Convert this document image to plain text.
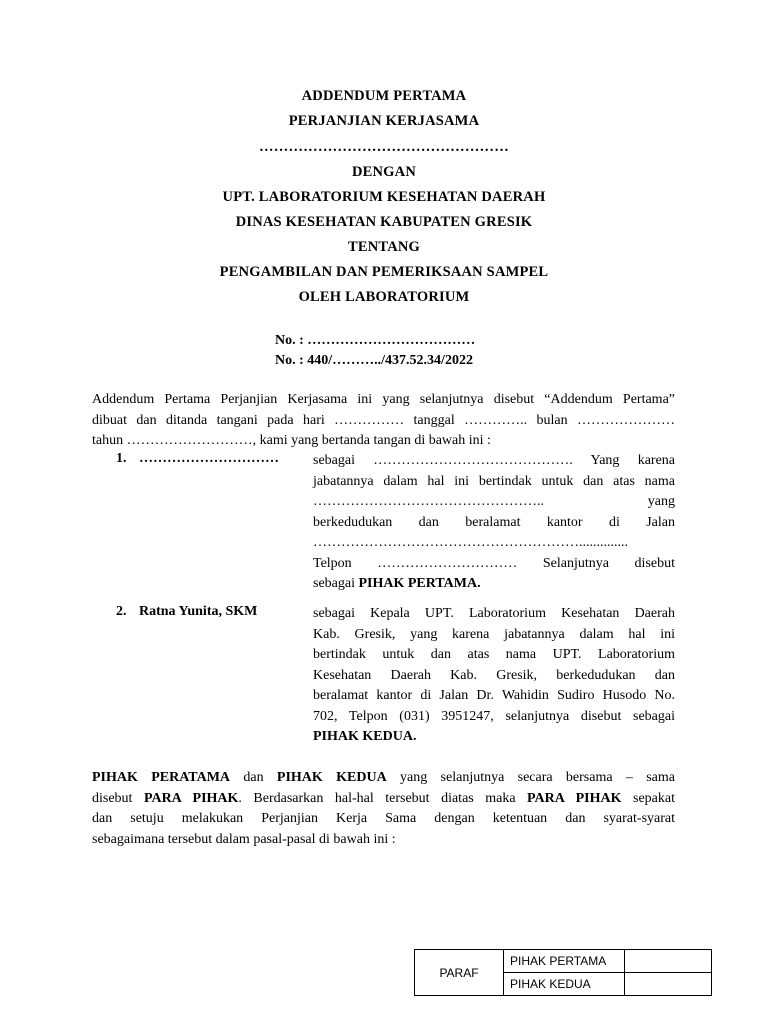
ADDENDUM PERTAMA
PERJANJIAN KERJASAMA
……………………………………………
DENGAN
UPT. LABORATORIUM KESEHATAN DAERAH
DINAS KESEHATAN KABUPATEN GRESIK
TENTANG
PENGAMBILAN DAN PEMERIKSAAN SAMPEL
OLEH LABORATORIUM
No. : ………………………………
No. : 440/………../437.52.34/2022
Addendum Pertama Perjanjian Kerjasama ini yang selanjutnya disebut “Addendum Pertama”
dibuat dan ditanda tangani pada hari …………… tanggal ………….. bulan …………………
tahun ………………………, kami yang bertanda tangan di bawah ini :
1. ………………………… sebagai ……………………………………. Yang karena
jabatannya dalam hal ini bertindak untuk dan atas nama
………………………………………….. yang
berkedudukan dan beralamat kantor di Jalan
…………………………………………………..............
Telpon ………………………… Selanjutnya disebut
sebagai PIHAK PERTAMA.
2. Ratna Yunita, SKM	sebagai Kepala UPT. Laboratorium Kesehatan Daerah
Kab. Gresik, yang karena jabatannya dalam hal ini
bertindak untuk dan atas nama UPT. Laboratorium
Kesehatan Daerah Kab. Gresik, berkedudukan dan
beralamat kantor di Jalan Dr. Wahidin Sudiro Husodo No.
702, Telpon (031) 3951247, selanjutnya disebut sebagai
PIHAK KEDUA.
PIHAK PERATAMA dan PIHAK KEDUA yang selanjutnya secara bersama – sama
disebut PARA PIHAK. Berdasarkan hal-hal tersebut diatas maka PARA PIHAK sepakat
dan setuju melakukan Perjanjian Kerja Sama dengan ketentuan dan syarat-syarat
sebagaimana tersebut dalam pasal-pasal di bawah ini :
PARAF	PIHAK PERTAMA	
	PIHAK KEDUA	
